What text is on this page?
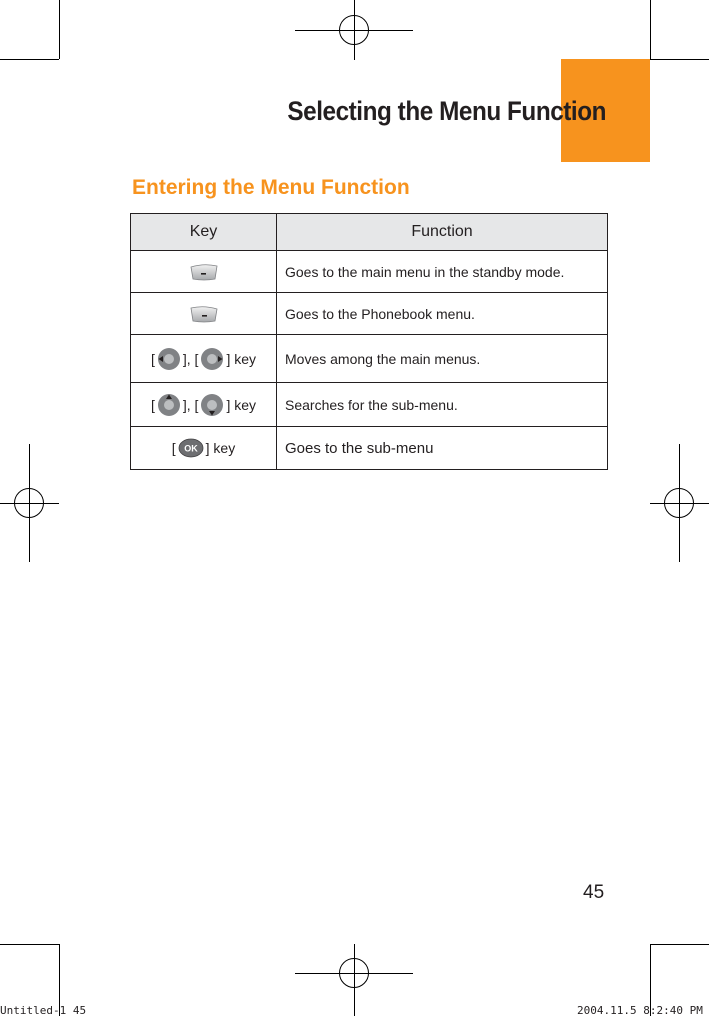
Selecting the Menu Function
Entering the Menu Function
Key	Function
	Goes to the main menu in the standby mode.
	Goes to the Phonebook menu.

[ ], [ ] key	Moves among the main menus.

[ ], [ ] key	Searches for the sub-menu.

[ OK ] key	Goes to the sub-menu
45
Untitled-1 45	2004.11.5 8:2:40 PM
